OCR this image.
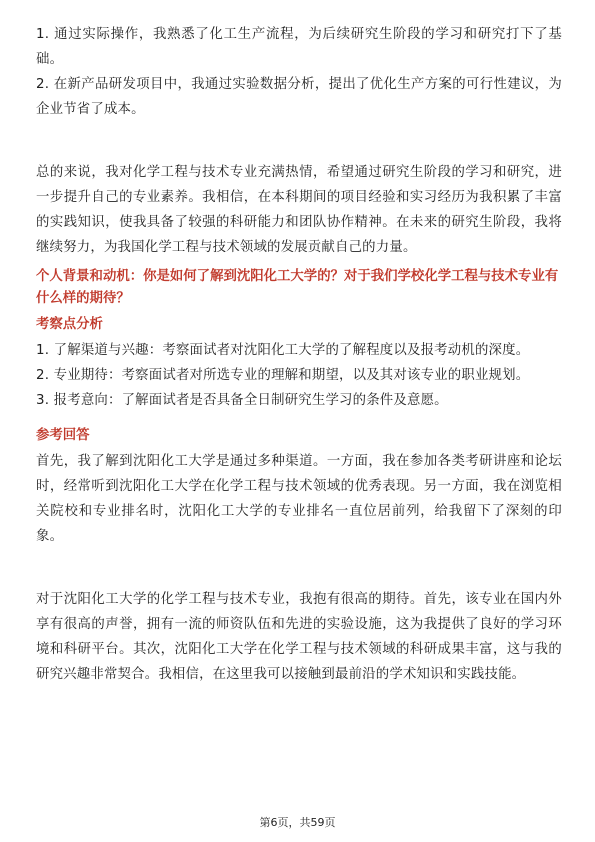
1. 通过实际操作，我熟悉了化工生产流程，为后续研究生阶段的学习和研究打下了基础。

2. 在新产品研发项目中，我通过实验数据分析，提出了优化生产方案的可行性建议，为企业节省了成本。

总的来说，我对化学工程与技术专业充满热情，希望通过研究生阶段的学习和研究，进一步提升自己的专业素养。我相信，在本科期间的项目经验和实习经历为我积累了丰富的实践知识，使我具备了较强的科研能力和团队协作精神。在未来的研究生阶段，我将继续努力，为我国化学工程与技术领域的发展贡献自己的力量。

个人背景和动机：你是如何了解到沈阳化工大学的？对于我们学校化学工程与技术专业有什么样的期待？
考察点分析

1. 了解渠道与兴趣：考察面试者对沈阳化工大学的了解程度以及报考动机的深度。

2. 专业期待：考察面试者对所选专业的理解和期望，以及其对该专业的职业规划。

3. 报考意向：了解面试者是否具备全日制研究生学习的条件及意愿。

参考回答

首先，我了解到沈阳化工大学是通过多种渠道。一方面，我在参加各类考研讲座和论坛时，经常听到沈阳化工大学在化学工程与技术领域的优秀表现。另一方面，我在浏览相关院校和专业排名时，沈阳化工大学的专业排名一直位居前列，给我留下了深刻的印象。

对于沈阳化工大学的化学工程与技术专业，我抱有很高的期待。首先，该专业在国内外享有很高的声誉，拥有一流的师资队伍和先进的实验设施，这为我提供了良好的学习环境和科研平台。其次，沈阳化工大学在化学工程与技术领域的科研成果丰富，这与我的研究兴趣非常契合。我相信，在这里我可以接触到最前沿的学术知识和实践技能。

第6页，共59页
